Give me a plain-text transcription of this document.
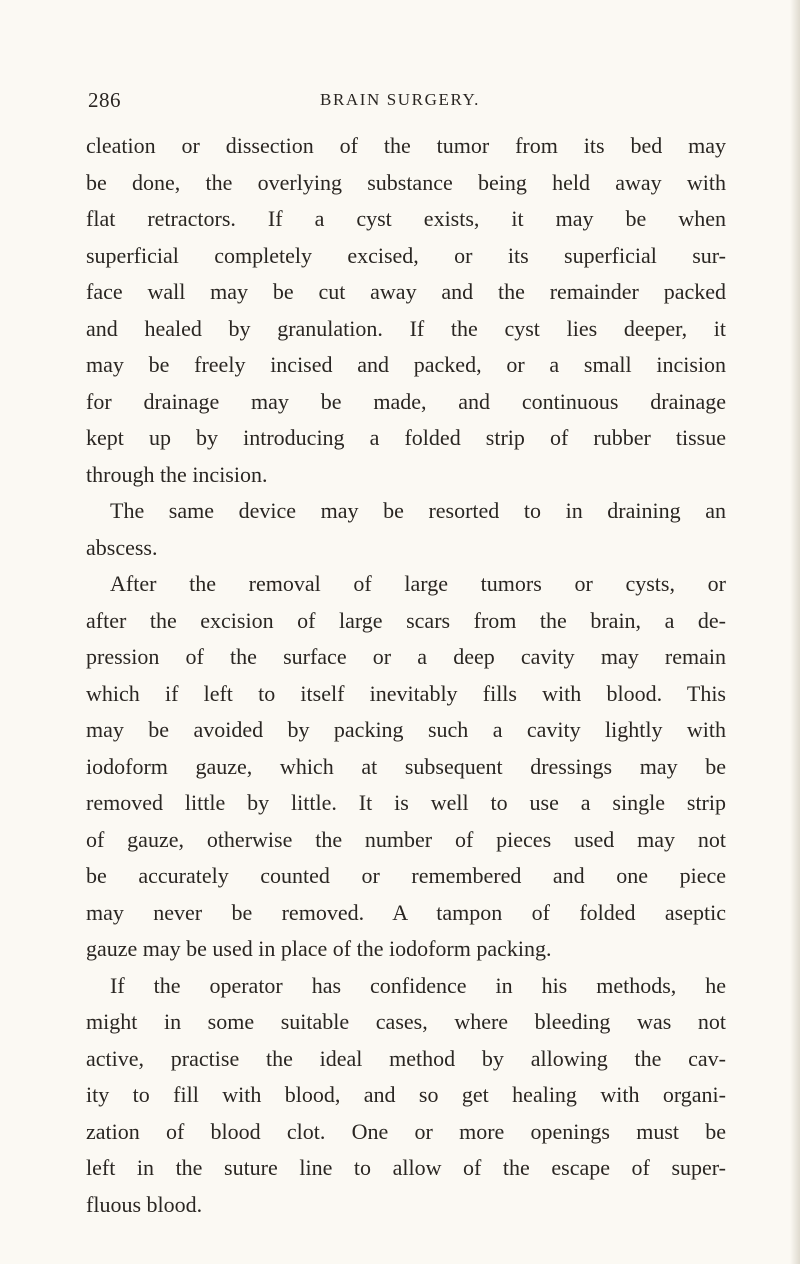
286	BRAIN SURGERY.
cleation or dissection of the tumor from its bed may
be done, the overlying substance being held away with
flat retractors. If a cyst exists, it may be when
superficial completely excised, or its superficial sur-
face wall may be cut away and the remainder packed
and healed by granulation. If the cyst lies deeper, it
may be freely incised and packed, or a small incision
for drainage may be made, and continuous drainage
kept up by introducing a folded strip of rubber tissue
through the incision.
The same device may be resorted to in draining an
abscess.
After the removal of large tumors or cysts, or
after the excision of large scars from the brain, a de-
pression of the surface or a deep cavity may remain
which if left to itself inevitably fills with blood. This
may be avoided by packing such a cavity lightly with
iodoform gauze, which at subsequent dressings may be
removed little by little. It is well to use a single strip
of gauze, otherwise the number of pieces used may not
be accurately counted or remembered and one piece
may never be removed. A tampon of folded aseptic
gauze may be used in place of the iodoform packing.
If the operator has confidence in his methods, he
might in some suitable cases, where bleeding was not
active, practise the ideal method by allowing the cav-
ity to fill with blood, and so get healing with organi-
zation of blood clot. One or more openings must be
left in the suture line to allow of the escape of super-
fluous blood.
